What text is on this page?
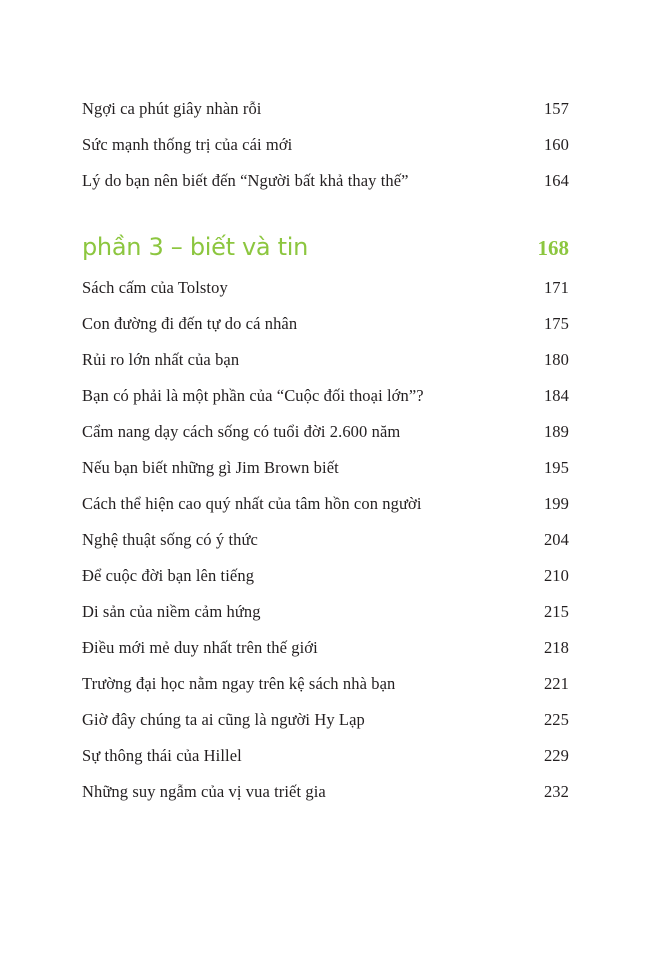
Ngợi ca phút giây nhàn rỗi	157
Sức mạnh thống trị của cái mới	160
Lý do bạn nên biết đến “Người bất khả thay thế”	164
phần 3 – biết và tin	168
Sách cấm của Tolstoy	171
Con đường đi đến tự do cá nhân	175
Rủi ro lớn nhất của bạn	180
Bạn có phải là một phần của “Cuộc đối thoại lớn”?	184
Cẩm nang dạy cách sống có tuổi đời 2.600 năm	189
Nếu bạn biết những gì Jim Brown biết	195
Cách thể hiện cao quý nhất của tâm hồn con người	199
Nghệ thuật sống có ý thức	204
Để cuộc đời bạn lên tiếng	210
Di sản của niềm cảm hứng	215
Điều mới mẻ duy nhất trên thế giới	218
Trường đại học nằm ngay trên kệ sách nhà bạn	221
Giờ đây chúng ta ai cũng là người Hy Lạp	225
Sự thông thái của Hillel	229
Những suy ngẫm của vị vua triết gia	232
